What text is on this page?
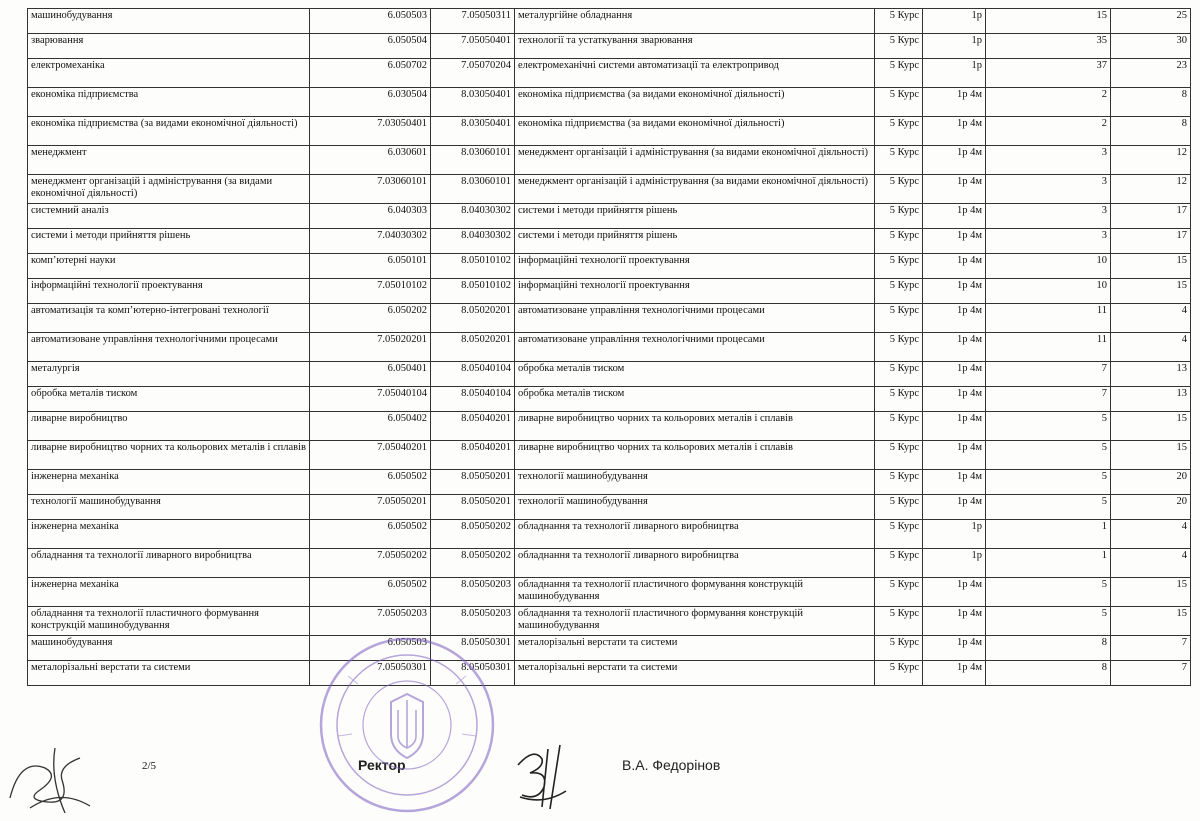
машинобудування	6.050503	7.05050311	металургійне обладнання	5 Курс	1р	15	25
зварювання	6.050504	7.05050401	технології та устаткування зварювання	5 Курс	1р	35	30
електромеханіка	6.050702	7.05070204	електромеханічні системи автоматизації та електропривод	5 Курс	1р	37	23
економіка підприємства	6.030504	8.03050401	економіка підприємства (за видами економічної діяльності)	5 Курс	1р 4м	2	8
економіка підприємства (за видами економічної діяльності)	7.03050401	8.03050401	економіка підприємства (за видами економічної діяльності)	5 Курс	1р 4м	2	8
менеджмент	6.030601	8.03060101	менеджмент організацій і адміністрування (за видами економічної діяльності)	5 Курс	1р 4м	3	12
менеджмент організацій і адміністрування (за видами економічної діяльності)	7.03060101	8.03060101	менеджмент організацій і адміністрування (за видами економічної діяльності)	5 Курс	1р 4м	3	12
системний аналіз	6.040303	8.04030302	системи і методи прийняття рішень	5 Курс	1р 4м	3	17
системи і методи прийняття рішень	7.04030302	8.04030302	системи і методи прийняття рішень	5 Курс	1р 4м	3	17
комп’ютерні науки	6.050101	8.05010102	інформаційні технології проектування	5 Курс	1р 4м	10	15
інформаційні технології проектування	7.05010102	8.05010102	інформаційні технології проектування	5 Курс	1р 4м	10	15
автоматизація та комп’ютерно-інтегровані технології	6.050202	8.05020201	автоматизоване управління технологічними процесами	5 Курс	1р 4м	11	4
автоматизоване управління технологічними процесами	7.05020201	8.05020201	автоматизоване управління технологічними процесами	5 Курс	1р 4м	11	4
металургія	6.050401	8.05040104	обробка металів тиском	5 Курс	1р 4м	7	13
обробка металів тиском	7.05040104	8.05040104	обробка металів тиском	5 Курс	1р 4м	7	13
ливарне виробництво	6.050402	8.05040201	ливарне виробництво чорних та кольорових металів і сплавів	5 Курс	1р 4м	5	15
ливарне виробництво чорних та кольорових металів і сплавів	7.05040201	8.05040201	ливарне виробництво чорних та кольорових металів і сплавів	5 Курс	1р 4м	5	15
інженерна механіка	6.050502	8.05050201	технології машинобудування	5 Курс	1р 4м	5	20
технології машинобудування	7.05050201	8.05050201	технології машинобудування	5 Курс	1р 4м	5	20
інженерна механіка	6.050502	8.05050202	обладнання та технології ливарного виробництва	5 Курс	1р	1	4
обладнання та технології ливарного виробництва	7.05050202	8.05050202	обладнання та технології ливарного виробництва	5 Курс	1р	1	4
інженерна механіка	6.050502	8.05050203	обладнання та технології пластичного формування конструкцій машинобудування	5 Курс	1р 4м	5	15
обладнання та технології пластичного формування конструкцій машинобудування	7.05050203	8.05050203	обладнання та технології пластичного формування конструкцій машинобудування	5 Курс	1р 4м	5	15
машинобудування	6.050503	8.05050301	металорізальні верстати та системи	5 Курс	1р 4м	8	7
металорізальні верстати та системи	7.05050301	8.05050301	металорізальні верстати та системи	5 Курс	1р 4м	8	7
2/5	Ректор	В.А. Федорінов
